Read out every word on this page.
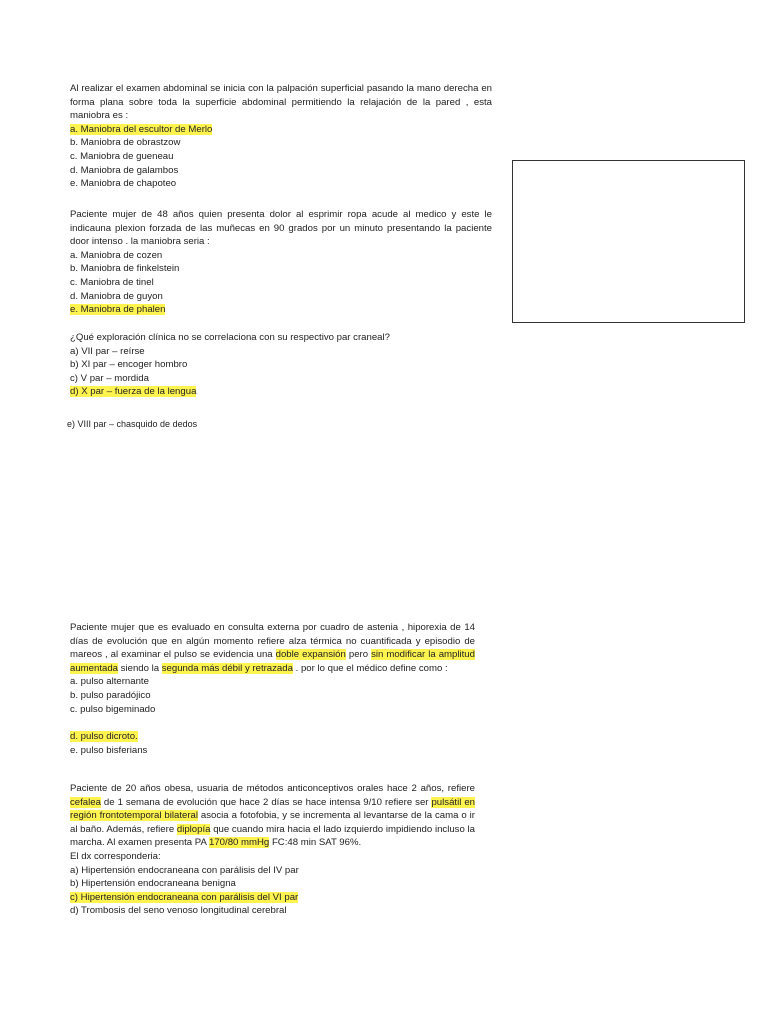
Al realizar el examen abdominal se inicia con la palpación superficial pasando la mano derecha en forma plana sobre toda la superficie abdominal permitiendo la relajación de la pared , esta maniobra es :

a. Maniobra del escultor de Merlo

b. Maniobra de obrastzow

c. Maniobra de gueneau

d. Maniobra de galambos

e. Maniobra de chapoteo

Paciente mujer de 48 años quien presenta dolor al esprimir ropa acude al medico y este le indicauna plexion forzada de las muñecas en 90 grados por un minuto presentando la paciente door intenso . la maniobra seria :

a. Maniobra de cozen

b. Maniobra de finkelstein

c. Maniobra de tinel

d. Maniobra de guyon

e. Maniobra de phalen

¿Qué exploración clínica no se correlaciona con su respectivo par craneal?

a) VII par – reírse

b) XI par – encoger hombro

c) V par – mordida

d) X par – fuerza de la lengua

e) VIII par – chasquido de dedos

Paciente mujer que es evaluado en consulta externa por cuadro de astenia , hiporexia de 14 días de evolución que en algún momento refiere alza térmica no cuantificada y episodio de mareos , al examinar el pulso se evidencia una doble expansión pero sin modificar la amplitud aumentada siendo la segunda más débil y retrazada . por lo que el médico define como :

a. pulso alternante

b. pulso paradójico

c. pulso bigeminado

d. pulso dicroto.

e. pulso bisferians

Paciente de 20 años obesa, usuaria de métodos anticonceptivos orales hace 2 años, refiere cefalea de 1 semana de evolución que hace 2 días se hace intensa 9/10 refiere ser pulsátil en región frontotemporal bilateral asocia a fotofobia, y se incrementa al levantarse de la cama o ir al baño. Además, refiere diplopía que cuando mira hacia el lado izquierdo impidiendo incluso la marcha. Al examen presenta PA 170/80 mmHg FC:48 min SAT 96%.

El dx corresponderia:

a) Hipertensión endocraneana con parálisis del IV par

b) Hipertensión endocraneana benigna

c) Hipertensión endocraneana con parálisis del VI par

d) Trombosis del seno venoso longitudinal cerebral
